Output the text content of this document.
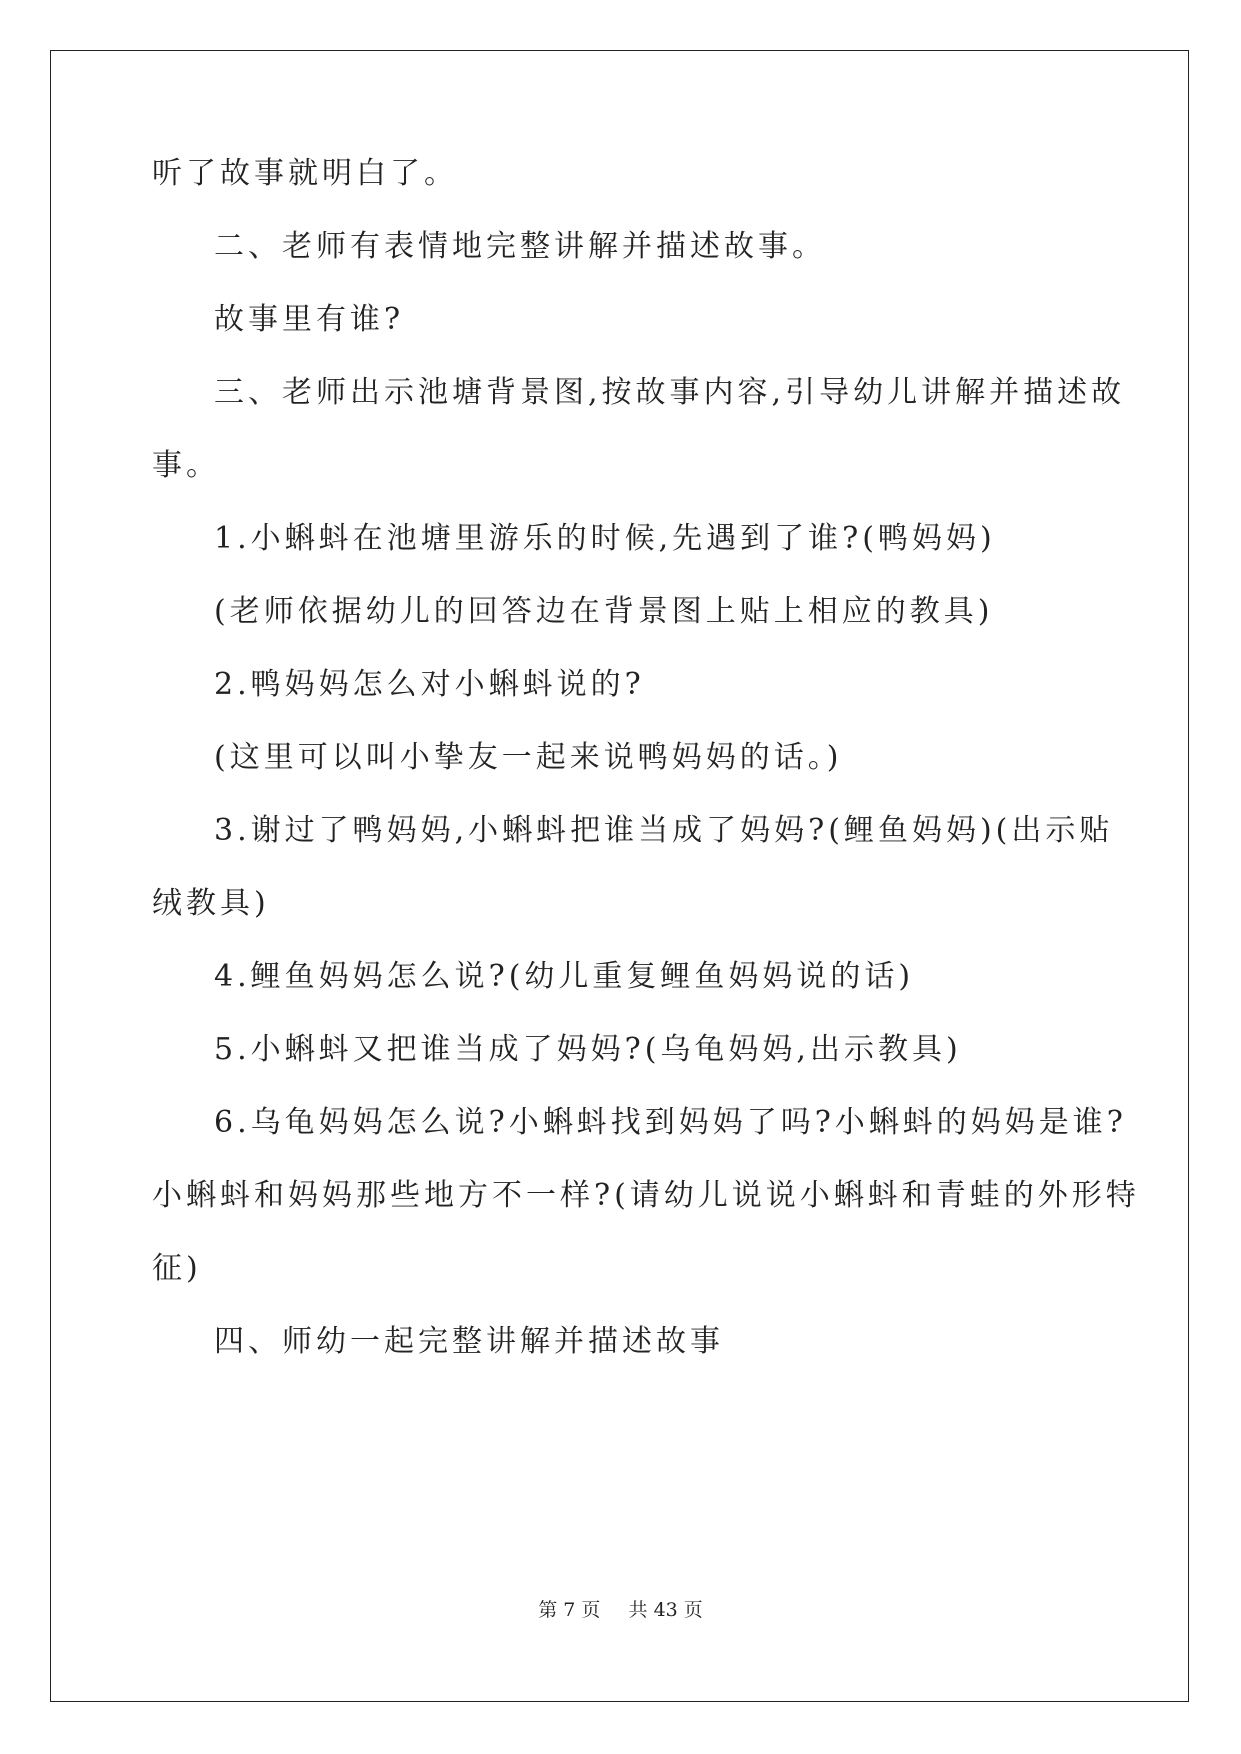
听了故事就明白了。
二、老师有表情地完整讲解并描述故事。
故事里有谁?
三、老师出示池塘背景图,按故事内容,引导幼儿讲解并描述故
事。
1.小蝌蚪在池塘里游乐的时候,先遇到了谁?(鸭妈妈)
(老师依据幼儿的回答边在背景图上贴上相应的教具)
2.鸭妈妈怎么对小蝌蚪说的?
(这里可以叫小挚友一起来说鸭妈妈的话。)
3.谢过了鸭妈妈,小蝌蚪把谁当成了妈妈?(鲤鱼妈妈)(出示贴
绒教具)
4.鲤鱼妈妈怎么说?(幼儿重复鲤鱼妈妈说的话)
5.小蝌蚪又把谁当成了妈妈?(乌龟妈妈,出示教具)
6.乌龟妈妈怎么说?小蝌蚪找到妈妈了吗?小蝌蚪的妈妈是谁?
小蝌蚪和妈妈那些地方不一样?(请幼儿说说小蝌蚪和青蛙的外形特
征)
四、师幼一起完整讲解并描述故事
第 7 页 共 43 页
